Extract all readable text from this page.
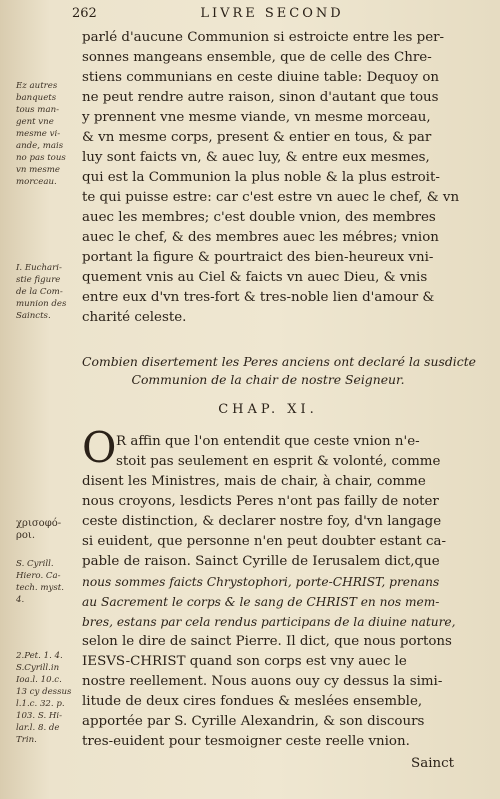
262	LIVRE SECOND
parlé d'aucune Communion si estroicte entre les per-
sonnes mangeans ensemble, que de celle des Chre-
stiens communians en ceste diuine table: Dequoy on
ne peut rendre autre raison, sinon d'autant que tous
y prennent vne mesme viande, vn mesme morceau,
& vn mesme corps, present & entier en tous, & par
luy sont faicts vn, & auec luy, & entre eux mesmes,
qui est la Communion la plus noble & la plus estroit-
te qui puisse estre: car c'est estre vn auec le chef, & vn
auec les membres; c'est double vnion, des membres
auec le chef, & des membres auec les mébres; vnion
portant la figure & pourtraict des bien-heureux vni-
quement vnis au Ciel & faicts vn auec Dieu, & vnis
entre eux d'vn tres-fort & tres-noble lien d'amour &
charité celeste.
Combien disertement les Peres anciens ont declaré la susdicte
Communion de la chair de nostre Seigneur.
CHAP. XI.
R affin que l'on entendit que ceste vnion n'e-
stoit pas seulement en esprit & volonté, comme
disent les Ministres, mais de chair, à chair, comme
nous croyons, lesdicts Peres n'ont pas failly de noter
ceste distinction, & declarer nostre foy, d'vn langage
si euident, que personne n'en peut doubter estant ca-
pable de raison. Sainct Cyrille de Ierusalem dict,que
nous sommes faicts Chrystophori, porte-CHRIST, prenans
au Sacrement le corps & le sang de CHRIST en nos mem-
bres, estans par cela rendus participans de la diuine nature,
selon le dire de sainct Pierre. Il dict, que nous portons
IESVS-CHRIST quand son corps est vny auec le
nostre reellement. Nous auons ouy cy dessus la simi-
litude de deux cires fondues & meslées ensemble,
apportée par S. Cyrille Alexandrin, & son discours
tres-euident pour tesmoigner ceste reelle vnion.
Sainct
O
Ez autres
banquets
tous man-
gent vne
mesme vi-
ande, mais
no pas tous
vn mesme
morceau.
I. Euchari-
stie figure
de la Com-
munion des
Saincts.
χρισοφό-
ροι.
S. Cyrill.
Hiero. Ca-
tech. myst.
4.
2.Pet. 1. 4.
S.Cyrill.in
Ioa.l. 10.c.
13 cy dessus
l.1.c. 32. p.
103. S. Hi-
lar.l. 8. de
Trin.
